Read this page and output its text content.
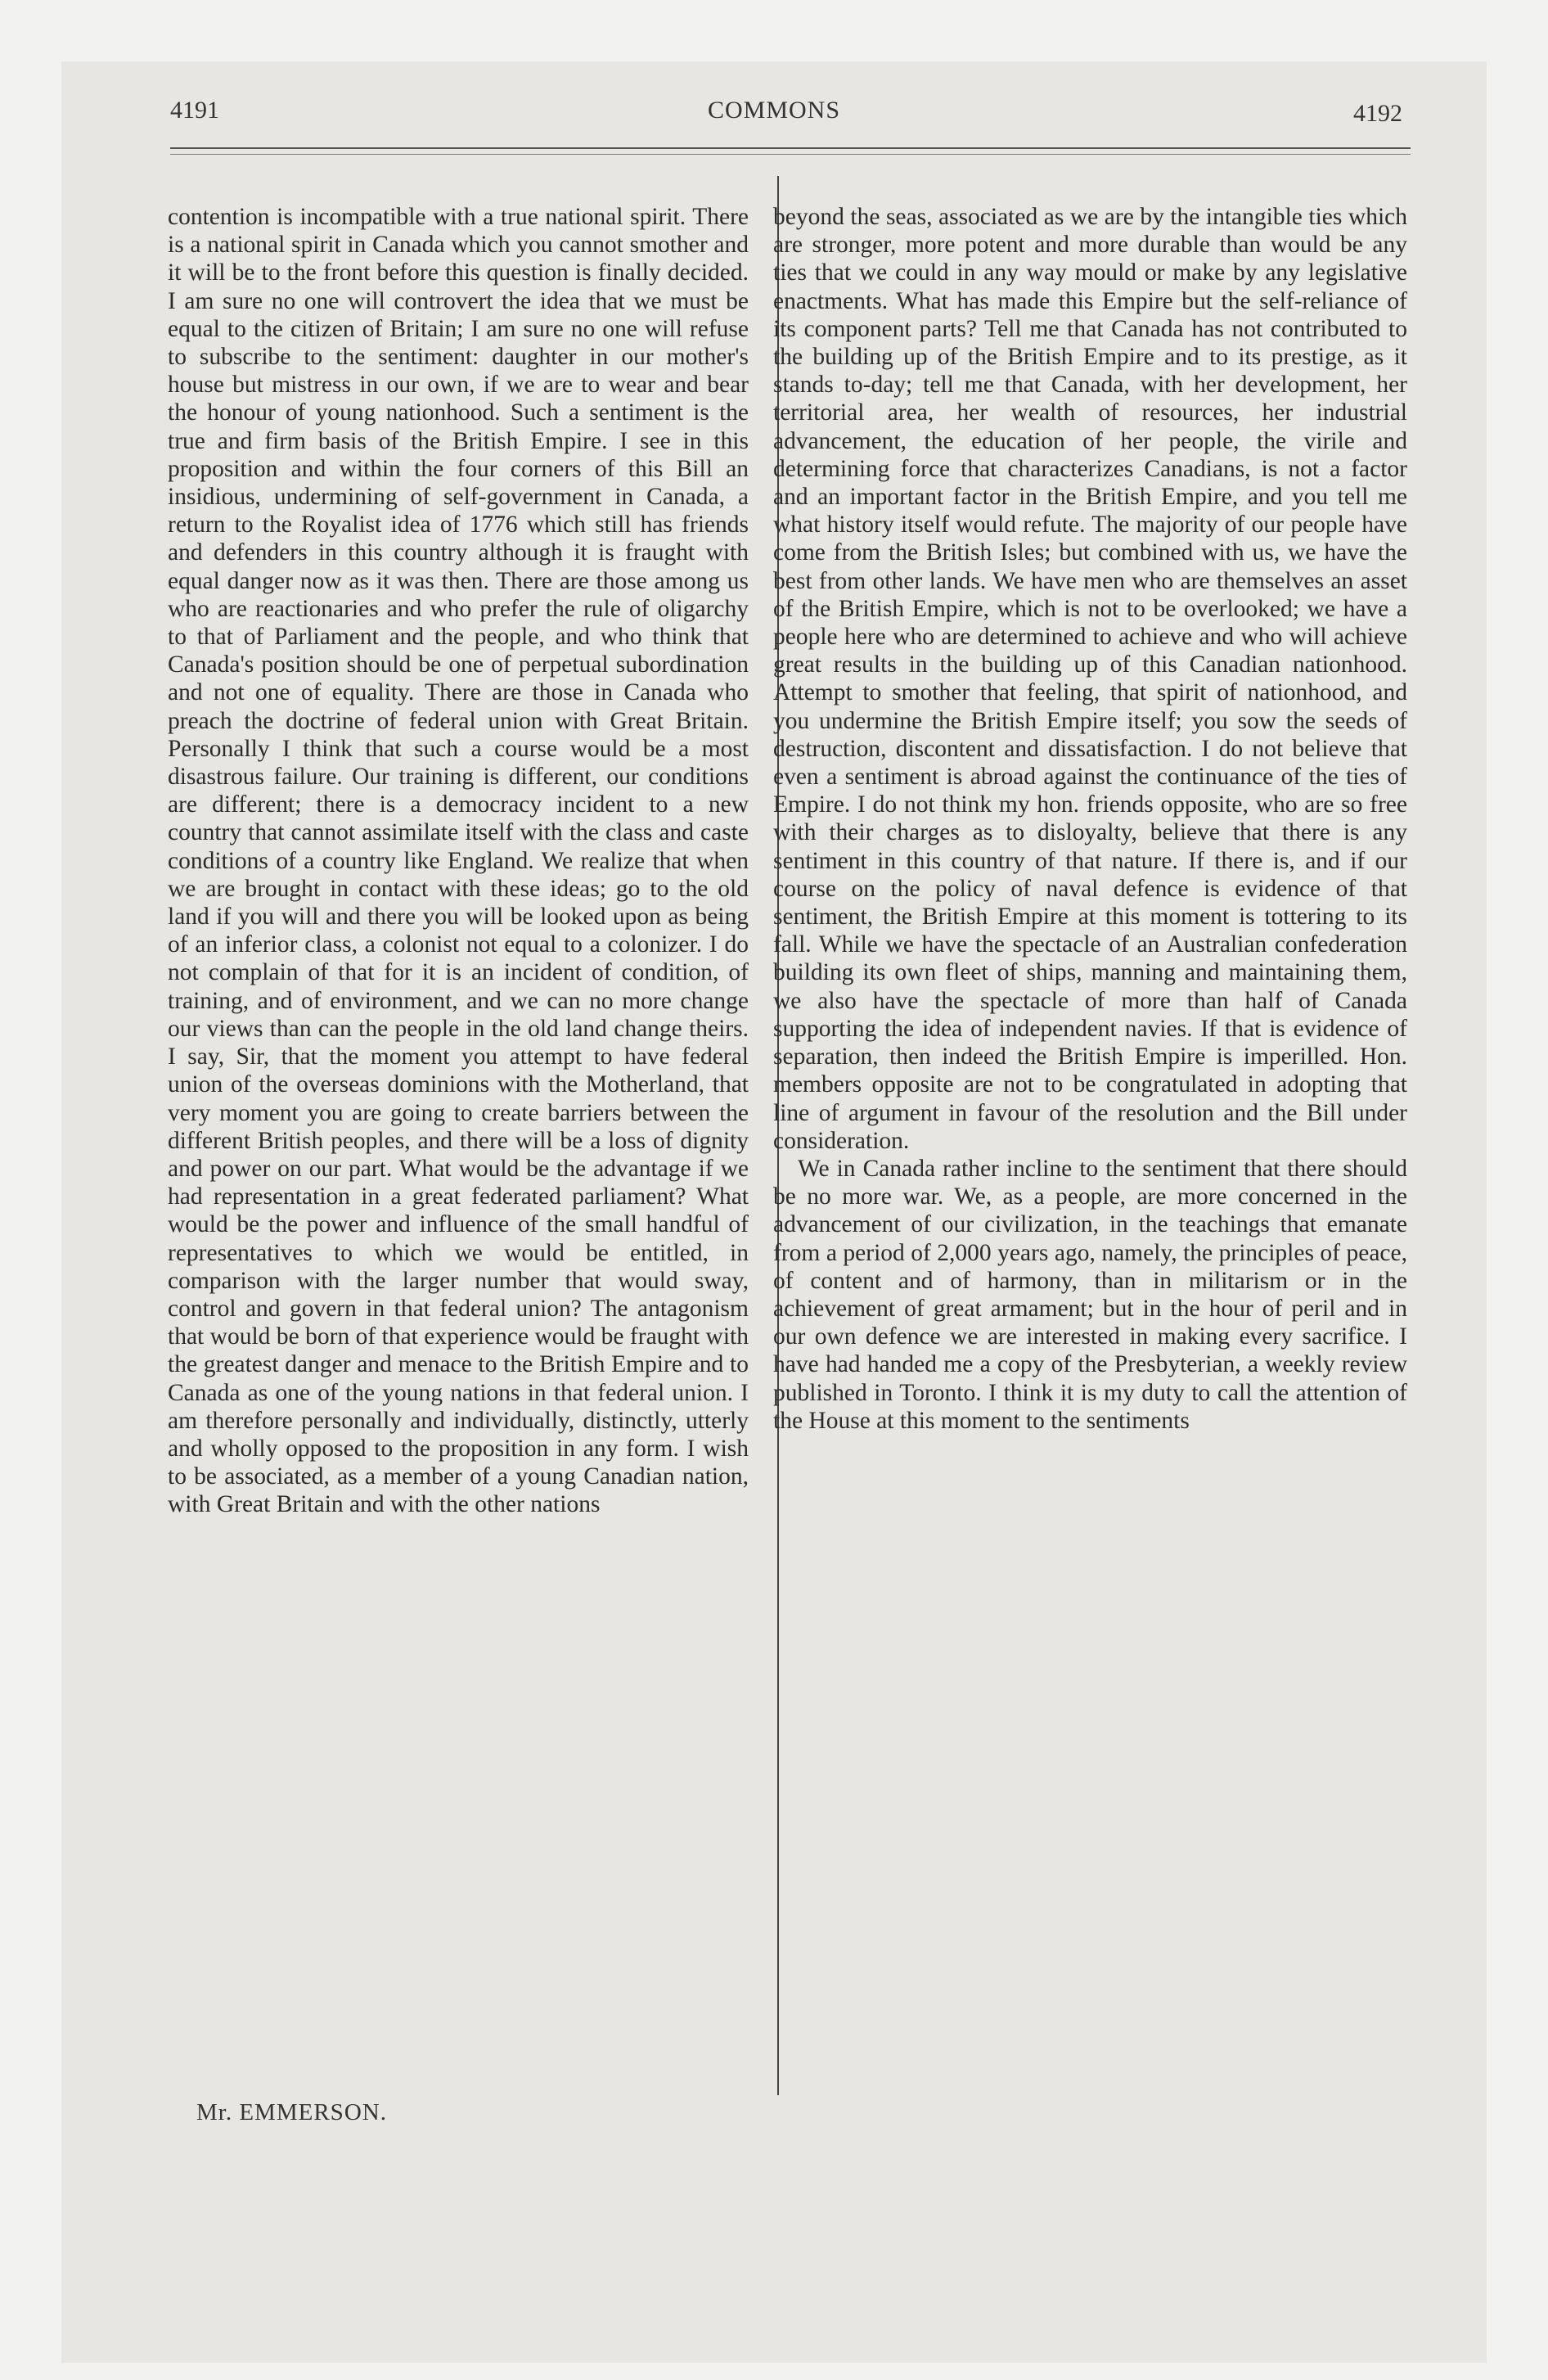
4191	COMMONS	4192

contention is incompatible with a true national spirit. There is a national spirit in Canada which you cannot smother and it will be to the front before this question is finally decided. I am sure no one will controvert the idea that we must be equal to the citizen of Britain; I am sure no one will refuse to subscribe to the sentiment: daughter in our mother's house but mistress in our own, if we are to wear and bear the honour of young nationhood. Such a sentiment is the true and firm basis of the British Empire. I see in this proposition and within the four corners of this Bill an insidious, undermining of self-government in Canada, a return to the Royalist idea of 1776 which still has friends and defenders in this country although it is fraught with equal danger now as it was then. There are those among us who are reactionaries and who prefer the rule of oligarchy to that of Parliament and the people, and who think that Canada's position should be one of perpetual subordination and not one of equality. There are those in Canada who preach the doctrine of federal union with Great Britain. Personally I think that such a course would be a most disastrous failure. Our training is different, our conditions are different; there is a democracy incident to a new country that cannot assimilate itself with the class and caste conditions of a country like England. We realize that when we are brought in contact with these ideas; go to the old land if you will and there you will be looked upon as being of an inferior class, a colonist not equal to a colonizer. I do not complain of that for it is an incident of condition, of training, and of environment, and we can no more change our views than can the people in the old land change theirs. I say, Sir, that the moment you attempt to have federal union of the overseas dominions with the Motherland, that very moment you are going to create barriers between the different British peoples, and there will be a loss of dignity and power on our part. What would be the advantage if we had representation in a great federated parliament? What would be the power and influence of the small handful of representatives to which we would be entitled, in comparison with the larger number that would sway, control and govern in that federal union? The antagonism that would be born of that experience would be fraught with the greatest danger and menace to the British Empire and to Canada as one of the young nations in that federal union. I am therefore personally and individually, distinctly, utterly and wholly opposed to the proposition in any form. I wish to be associated, as a member of a young Canadian nation, with Great Britain and with the other nations

beyond the seas, associated as we are by the intangible ties which are stronger, more potent and more durable than would be any ties that we could in any way mould or make by any legislative enactments. What has made this Empire but the self-reliance of its component parts? Tell me that Canada has not contributed to the building up of the British Empire and to its prestige, as it stands to-day; tell me that Canada, with her development, her territorial area, her wealth of resources, her industrial advancement, the education of her people, the virile and determining force that characterizes Canadians, is not a factor and an important factor in the British Empire, and you tell me what history itself would refute. The majority of our people have come from the British Isles; but combined with us, we have the best from other lands. We have men who are themselves an asset of the British Empire, which is not to be overlooked; we have a people here who are determined to achieve and who will achieve great results in the building up of this Canadian nationhood. Attempt to smother that feeling, that spirit of nationhood, and you undermine the British Empire itself; you sow the seeds of destruction, discontent and dissatisfaction. I do not believe that even a sentiment is abroad against the continuance of the ties of Empire. I do not think my hon. friends opposite, who are so free with their charges as to disloyalty, believe that there is any sentiment in this country of that nature. If there is, and if our course on the policy of naval defence is evidence of that sentiment, the British Empire at this moment is tottering to its fall. While we have the spectacle of an Australian confederation building its own fleet of ships, manning and maintaining them, we also have the spectacle of more than half of Canada supporting the idea of independent navies. If that is evidence of separation, then indeed the British Empire is imperilled. Hon. members opposite are not to be congratulated in adopting that line of argument in favour of the resolution and the Bill under consideration.

We in Canada rather incline to the sentiment that there should be no more war. We, as a people, are more concerned in the advancement of our civilization, in the teachings that emanate from a period of 2,000 years ago, namely, the principles of peace, of content and of harmony, than in militarism or in the achievement of great armament; but in the hour of peril and in our own defence we are interested in making every sacrifice. I have had handed me a copy of the Presbyterian, a weekly review published in Toronto. I think it is my duty to call the attention of the House at this moment to the sentiments

Mr. EMMERSON.
